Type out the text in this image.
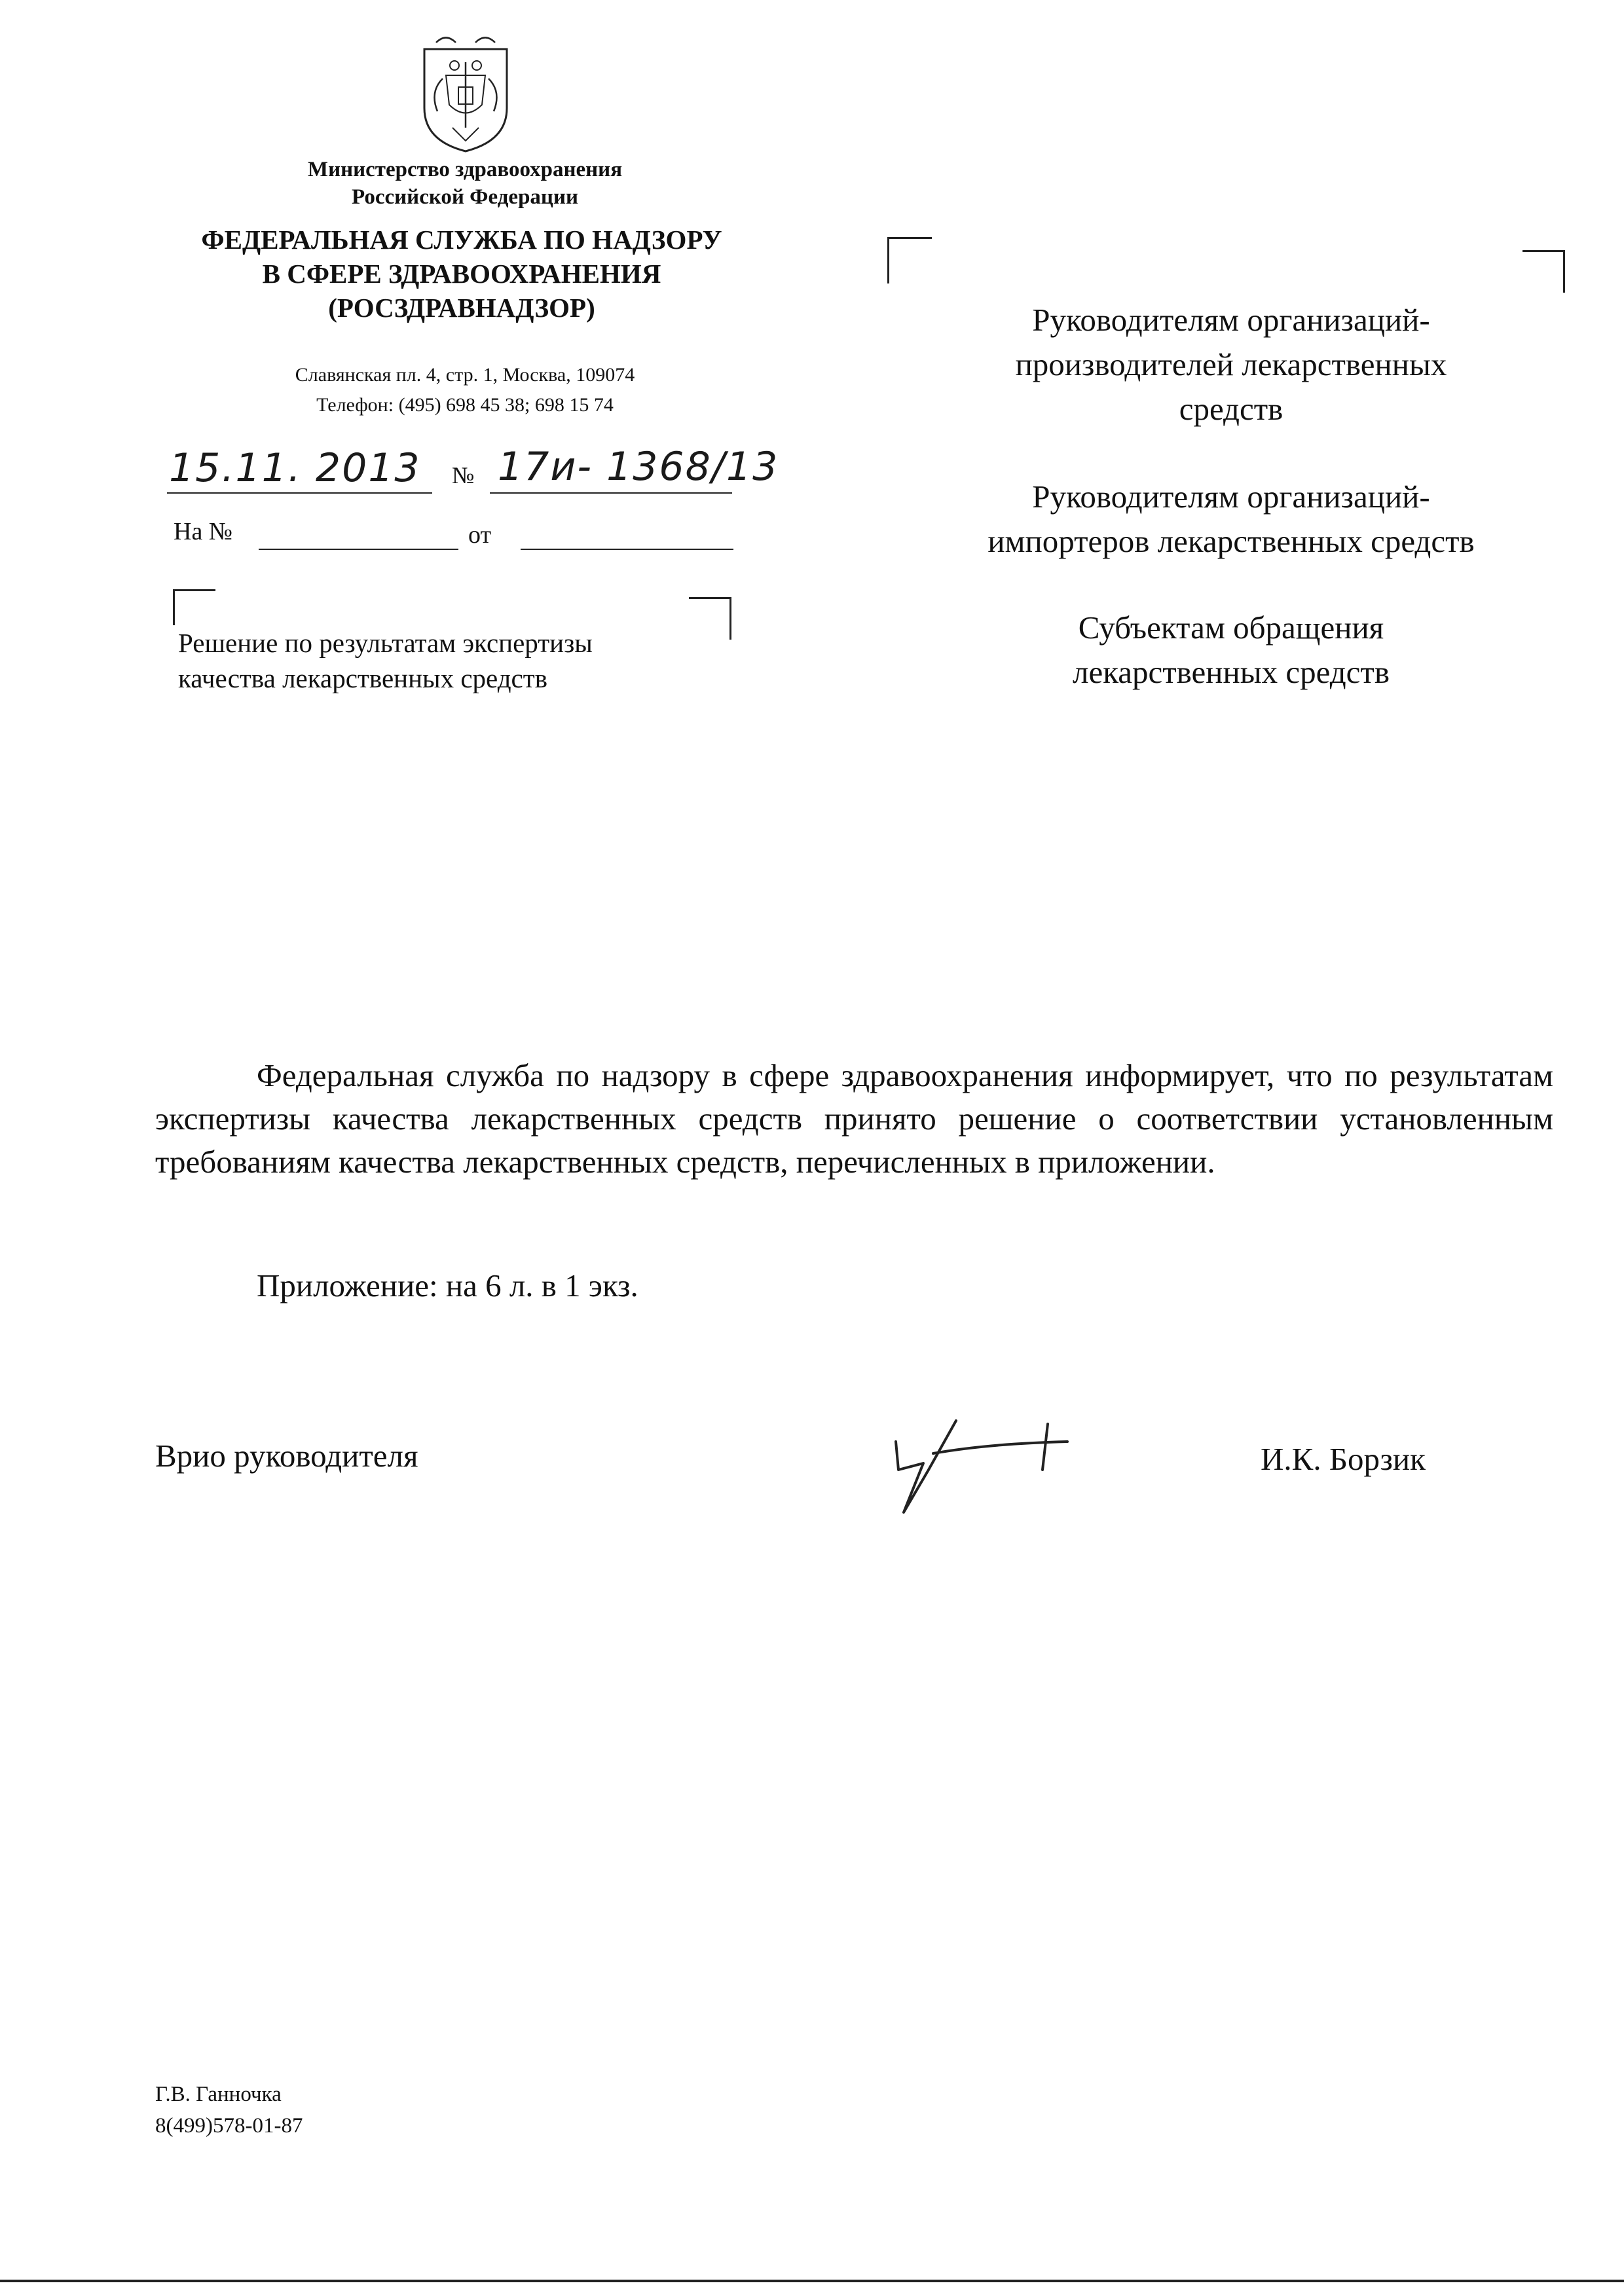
Министерство здравоохранения
Российской Федерации
ФЕДЕРАЛЬНАЯ СЛУЖБА ПО НАДЗОРУ
В СФЕРЕ ЗДРАВООХРАНЕНИЯ
(РОСЗДРАВНАДЗОР)
Славянская пл. 4, стр. 1, Москва, 109074
Телефон: (495) 698 45 38; 698 15 74
15.11. 2013 № 17и- 1368/13
На №	от
Решение по результатам экспертизы
качества лекарственных средств
Руководителям организаций-
производителей лекарственных
средств
Руководителям организаций-
импортеров лекарственных средств
Субъектам обращения
лекарственных средств
Федеральная служба по надзору в сфере здравоохранения информирует, что по результатам экспертизы качества лекарственных средств принято решение о соответствии установленным требованиям качества лекарственных средств, перечисленных в приложении.
Приложение: на 6 л. в 1 экз.
Врио руководителя	И.К. Борзик
Г.В. Ганночка
8(499)578-01-87
